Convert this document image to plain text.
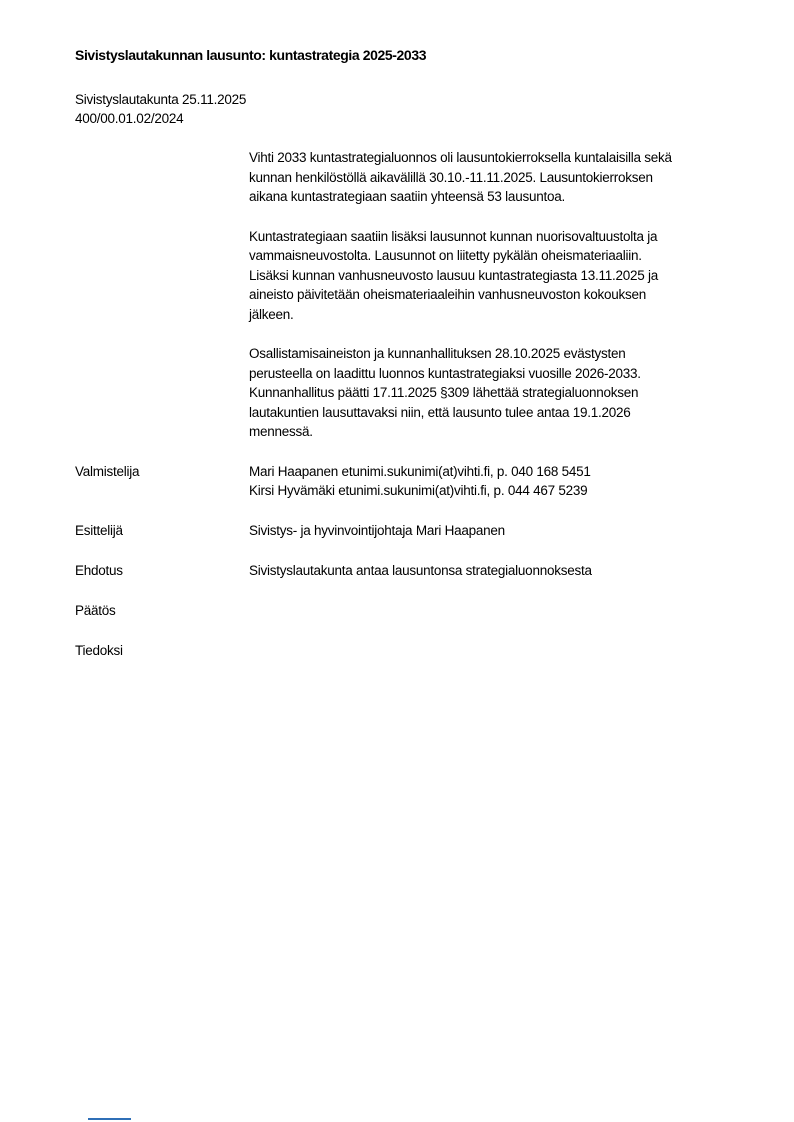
Sivistyslautakunnan lausunto: kuntastrategia 2025-2033
Sivistyslautakunta 25.11.2025
400/00.01.02/2024
Vihti 2033 kuntastrategialuonnos oli lausuntokierroksella kuntalaisilla sekä
kunnan henkilöstöllä aikavälillä 30.10.-11.11.2025. Lausuntokierroksen
aikana kuntastrategiaan saatiin yhteensä 53 lausuntoa.
Kuntastrategiaan saatiin lisäksi lausunnot kunnan nuorisovaltuustolta ja
vammaisneuvostolta. Lausunnot on liitetty pykälän oheismateriaaliin.
Lisäksi kunnan vanhusneuvosto lausuu kuntastrategiasta 13.11.2025 ja
aineisto päivitetään oheismateriaaleihin vanhusneuvoston kokouksen
jälkeen.
Osallistamisaineiston ja kunnanhallituksen 28.10.2025 evästysten
perusteella on laadittu luonnos kuntastrategiaksi vuosille 2026-2033.
Kunnanhallitus päätti 17.11.2025 §309 lähettää strategialuonnoksen
lautakuntien lausuttavaksi niin, että lausunto tulee antaa 19.1.2026
mennessä.
Valmistelija	Mari Haapanen etunimi.sukunimi(at)vihti.fi, p. 040 168 5451
Kirsi Hyvämäki etunimi.sukunimi(at)vihti.fi, p. 044 467 5239
Esittelijä	Sivistys- ja hyvinvointijohtaja Mari Haapanen
Ehdotus	Sivistyslautakunta antaa lausuntonsa strategialuonnoksesta
Päätös
Tiedoksi
